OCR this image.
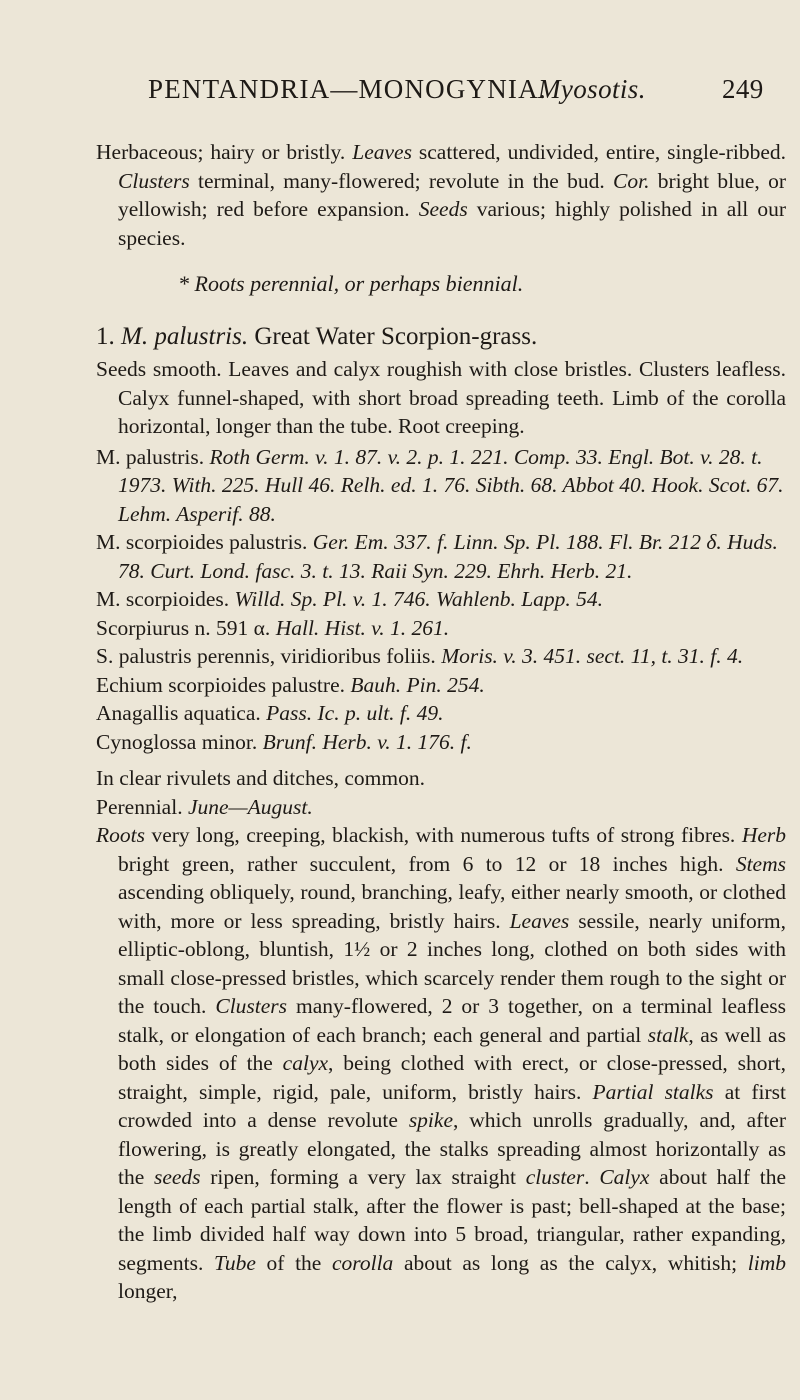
PENTANDRIA—MONOGYNIA.
Myosotis.	249
Herbaceous; hairy or bristly. Leaves scattered, undivided, entire, single-ribbed. Clusters terminal, many-flowered; revolute in the bud. Cor. bright blue, or yellowish; red before expansion. Seeds various; highly polished in all our species.

* Roots perennial, or perhaps biennial.

1. M. palustris. Great Water Scorpion-grass.

Seeds smooth. Leaves and calyx roughish with close bristles. Clusters leafless. Calyx funnel-shaped, with short broad spreading teeth. Limb of the corolla horizontal, longer than the tube. Root creeping.

M. palustris. Roth Germ. v. 1. 87. v. 2. p. 1. 221. Comp. 33. Engl. Bot. v. 28. t. 1973. With. 225. Hull 46. Relh. ed. 1. 76. Sibth. 68. Abbot 40. Hook. Scot. 67. Lehm. Asperif. 88.

M. scorpioides palustris. Ger. Em. 337. f. Linn. Sp. Pl. 188. Fl. Br. 212 δ. Huds. 78. Curt. Lond. fasc. 3. t. 13. Raii Syn. 229. Ehrh. Herb. 21.

M. scorpioides. Willd. Sp. Pl. v. 1. 746. Wahlenb. Lapp. 54.

Scorpiurus n. 591 α. Hall. Hist. v. 1. 261.

S. palustris perennis, viridioribus foliis. Moris. v. 3. 451. sect. 11, t. 31. f. 4.

Echium scorpioides palustre. Bauh. Pin. 254.

Anagallis aquatica. Pass. Ic. p. ult. f. 49.

Cynoglossa minor. Brunf. Herb. v. 1. 176. f.

In clear rivulets and ditches, common.

Perennial. June—August.

Roots very long, creeping, blackish, with numerous tufts of strong fibres. Herb bright green, rather succulent, from 6 to 12 or 18 inches high. Stems ascending obliquely, round, branching, leafy, either nearly smooth, or clothed with, more or less spreading, bristly hairs. Leaves sessile, nearly uniform, elliptic-oblong, bluntish, 1½ or 2 inches long, clothed on both sides with small close-pressed bristles, which scarcely render them rough to the sight or the touch. Clusters many-flowered, 2 or 3 together, on a terminal leafless stalk, or elongation of each branch; each general and partial stalk, as well as both sides of the calyx, being clothed with erect, or close-pressed, short, straight, simple, rigid, pale, uniform, bristly hairs. Partial stalks at first crowded into a dense revolute spike, which unrolls gradually, and, after flowering, is greatly elongated, the stalks spreading almost horizontally as the seeds ripen, forming a very lax straight cluster. Calyx about half the length of each partial stalk, after the flower is past; bell-shaped at the base; the limb divided half way down into 5 broad, triangular, rather expanding, segments. Tube of the corolla about as long as the calyx, whitish; limb longer,
